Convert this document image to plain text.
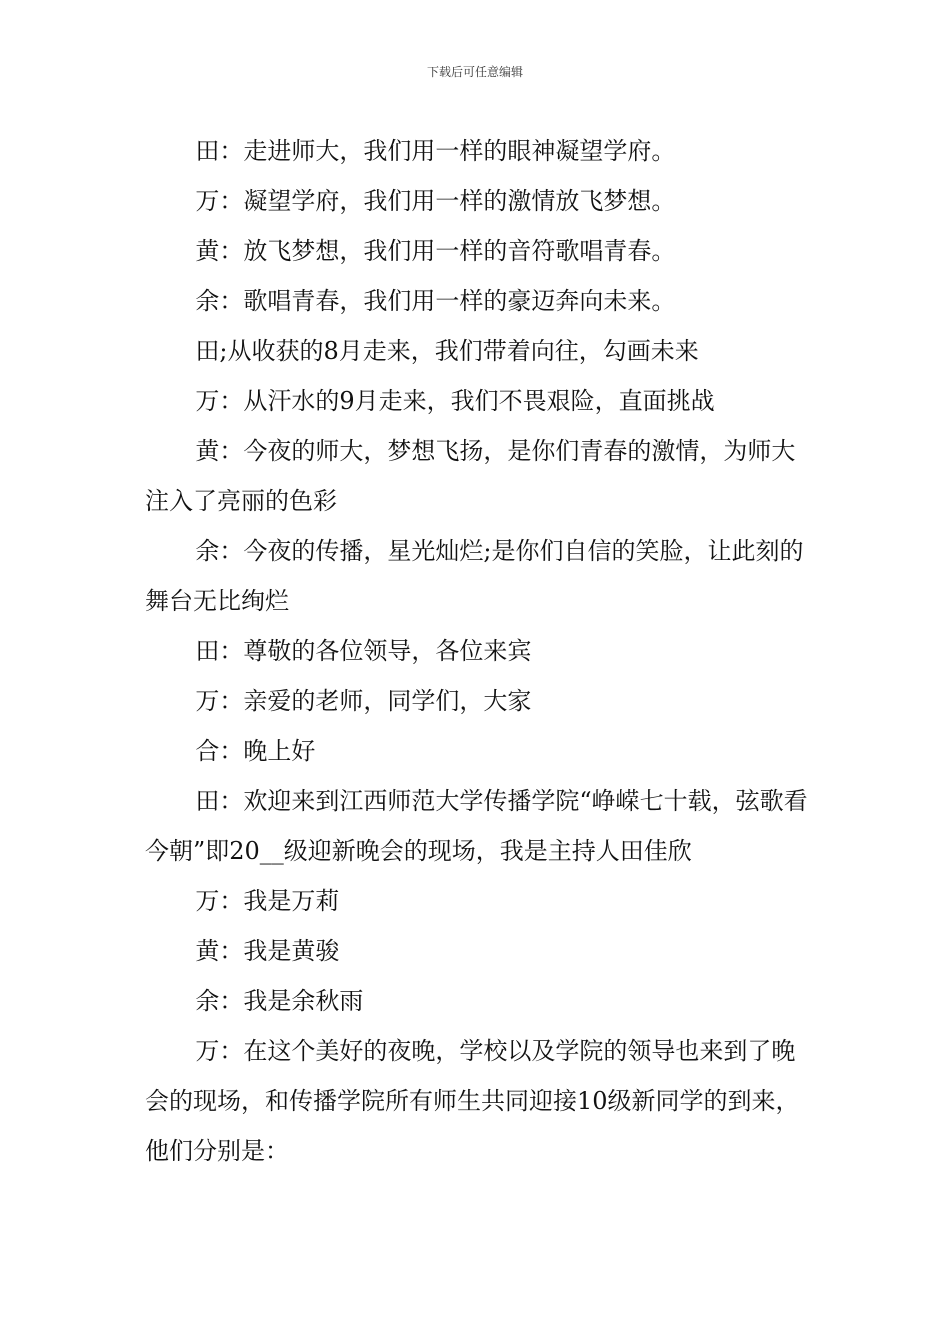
下载后可任意编辑

田：走进师大，我们用一样的眼神凝望学府。

万：凝望学府，我们用一样的激情放飞梦想。

黄：放飞梦想，我们用一样的音符歌唱青春。

余：歌唱青春，我们用一样的豪迈奔向未来。

田;从收获的8月走来，我们带着向往，勾画未来

万：从汗水的9月走来，我们不畏艰险，直面挑战

黄：今夜的师大，梦想飞扬，是你们青春的激情，为师大注入了亮丽的色彩

余：今夜的传播，星光灿烂;是你们自信的笑脸，让此刻的舞台无比绚烂

田：尊敬的各位领导，各位来宾

万：亲爱的老师，同学们，大家

合：晚上好

田：欢迎来到江西师范大学传播学院“峥嵘七十载，弦歌看今朝”即20__级迎新晚会的现场，我是主持人田佳欣

万：我是万莉

黄：我是黄骏

余：我是余秋雨

万：在这个美好的夜晚，学校以及学院的领导也来到了晚会的现场，和传播学院所有师生共同迎接10级新同学的到来，他们分别是：
